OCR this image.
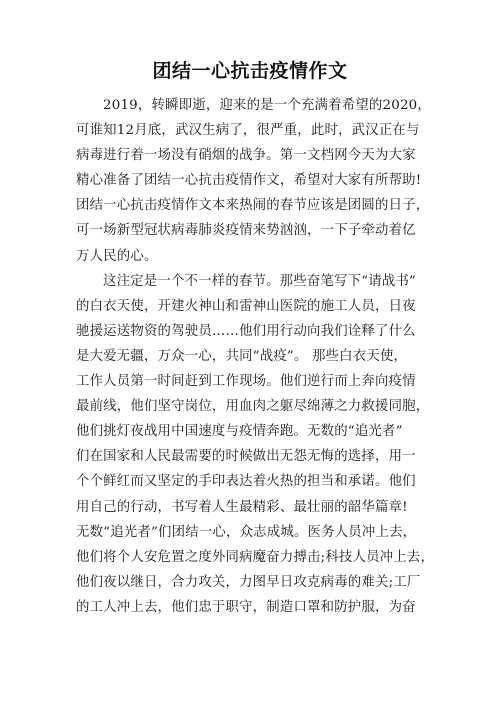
团结一心抗击疫情作文
2019，转瞬即逝，迎来的是一个充满着希望的2020，
可谁知12月底，武汉生病了，很严重，此时，武汉正在与
病毒进行着一场没有硝烟的战争。第一文档网今天为大家
精心准备了团结一心抗击疫情作文，希望对大家有所帮助!
团结一心抗击疫情作文本来热闹的春节应该是团圆的日子，
可一场新型冠状病毒肺炎疫情来势汹汹，一下子牵动着亿
万人民的心。
这注定是一个不一样的春节。那些奋笔写下“请战书”
的白衣天使，开建火神山和雷神山医院的施工人员，日夜
驰援运送物资的驾驶员……他们用行动向我们诠释了什么
是大爱无疆，万众一心，共同“战疫”。 那些白衣天使，
工作人员第一时间赶到工作现场。他们逆行而上奔向疫情
最前线，他们坚守岗位，用血肉之躯尽绵薄之力救援同胞，
他们挑灯夜战用中国速度与疫情奔跑。无数的“追光者”
们在国家和人民最需要的时候做出无怨无悔的选择，用一
个个鲜红而又坚定的手印表达着火热的担当和承诺。他们
用自己的行动，书写着人生最精彩、最壮丽的韶华篇章!
无数“追光者”们团结一心，众志成城。医务人员冲上去，
他们将个人安危置之度外同病魔奋力搏击;科技人员冲上去，
他们夜以继日，合力攻关，力图早日攻克病毒的难关;工厂
的工人冲上去，他们忠于职守，制造口罩和防护服，为奋
